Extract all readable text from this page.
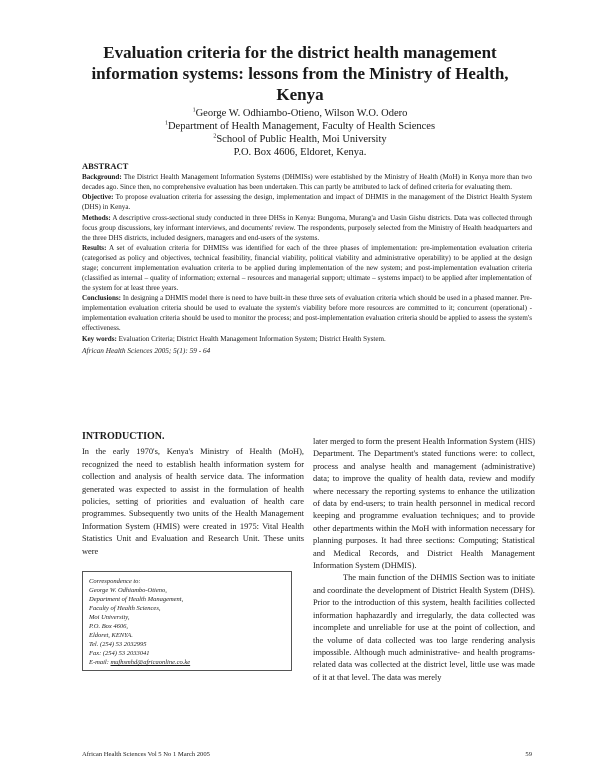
Evaluation criteria for the district health management information systems: lessons from the Ministry of Health, Kenya
$^1$George W. Odhiambo-Otieno, Wilson W.O. Odero
$^1$Department of Health Management, Faculty of Health Sciences
$^2$School of Public Health, Moi University
P.O. Box 4606, Eldoret, Kenya.
ABSTRACT

Background: The District Health Management Information Systems (DHMISs) were established by the Ministry of Health (MoH) in Kenya more than two decades ago. Since then, no comprehensive evaluation has been undertaken. This can partly be attributed to lack of defined criteria for evaluating them.

Objective: To propose evaluation criteria for assessing the design, implementation and impact of DHMIS in the management of the District Health System (DHS) in Kenya.

Methods: A descriptive cross-sectional study conducted in three DHSs in Kenya: Bungoma, Murang'a and Uasin Gishu districts. Data was collected through focus group discussions, key informant interviews, and documents' review. The respondents, purposely selected from the Ministry of Health headquarters and the three DHS districts, included designers, managers and end-users of the systems.

Results: A set of evaluation criteria for DHMISs was identified for each of the three phases of implementation: pre-implementation evaluation criteria (categorised as policy and objectives, technical feasibility, financial viability, political viability and administrative operability) to be applied at the design stage; concurrent implementation evaluation criteria to be applied during implementation of the new system; and post-implementation evaluation criteria (classified as internal – quality of information; external – resources and managerial support; ultimate – systems impact) to be applied after implementation of the system for at least three years.

Conclusions: In designing a DHMIS model there is need to have built-in these three sets of evaluation criteria which should be used in a phased manner. Pre-implementation evaluation criteria should be used to evaluate the system's viability before more resources are committed to it; concurrent (operational) - implementation evaluation criteria should be used to monitor the process; and post-implementation evaluation criteria should be applied to assess the system's effectiveness.

Key words: Evaluation Criteria; District Health Management Information System; District Health System.

African Health Sciences 2005; 5(1): 59 - 64
INTRODUCTION.

In the early 1970's, Kenya's Ministry of Health (MoH), recognized the need to establish health information system for collection and analysis of health service data. The information generated was expected to assist in the formulation of health policies, setting of priorities and evaluation of health care programmes. Subsequently two units of the Health Management Information System (HMIS) were created in 1975: Vital Health Statistics Unit and Evaluation and Research Unit. These units were

Correspondence to:
George W. Odhiambo-Otieno,
Department of Health Management,
Faculty of Health Sciences,
Moi University,
P.O. Box 4606,
Eldoret, KENYA.
Tel. (254) 53 2032995
Fax: (254) 53 2033041
E-mail: mufhsmhd@africaonline.co.ke

later merged to form the present Health Information System (HIS) Department. The Department's stated functions were: to collect, process and analyse health and management (administrative) data; to improve the quality of health data, review and modify where necessary the reporting systems to enhance the utilization of data by end-users; to train health personnel in medical record keeping and programme evaluation techniques; and to provide other departments within the MoH with information necessary for planning purposes. It had three sections: Computing; Statistical and Medical Records, and District Health Management Information System (DHMIS).

The main function of the DHMIS Section was to initiate and coordinate the development of District Health System (DHS). Prior to the introduction of this system, health facilities collected information haphazardly and irregularly, the data collected was incomplete and unreliable for use at the point of collection, and the volume of data collected was too large rendering analysis impossible. Although much administrative- and health programs-related data was collected at the district level, little use was made of it at that level. The data was merely

African Health Sciences Vol 5 No 1 March 2005	59
